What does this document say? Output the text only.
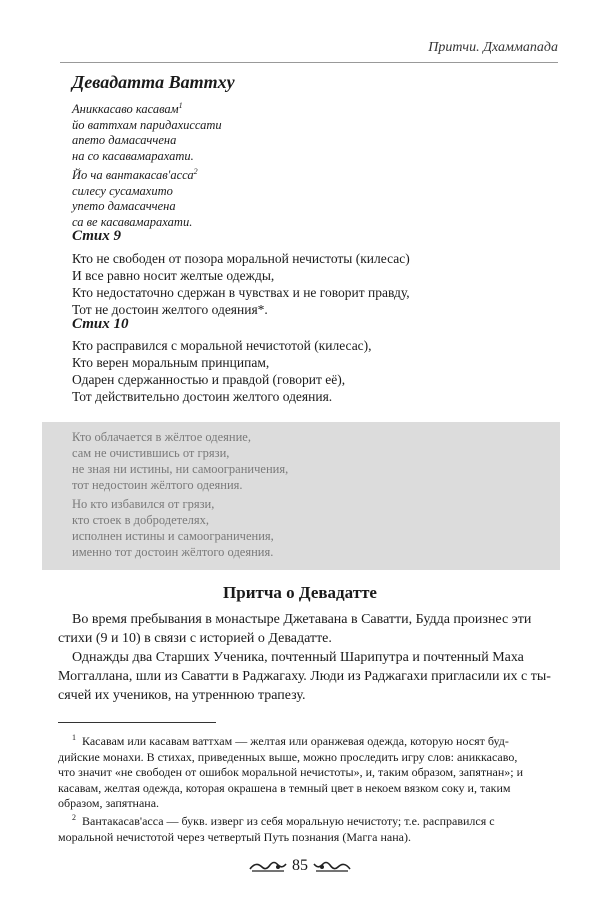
Притчи. Дхаммапада
Девадатта Ваттху
Аниккасаво касавам$^1$
йо ваттхам паридахиссати
апето дамасаччена
на со касавамарахати.
Йо ча вантакасав'асса$^2$
силесу сусамахито
упето дамасаччена
са ве касавамарахати.
Стих 9
Кто не свободен от позора моральной нечистоты (килесас)
И все равно носит желтые одежды,
Кто недостаточно сдержан в чувствах и не говорит правду,
Тот не достоин желтого одеяния*.
Стих 10
Кто расправился с моральной нечистотой (килесас),
Кто верен моральным принципам,
Одарен сдержанностью и правдой (говорит её),
Тот действительно достоин желтого одеяния.
Кто облачается в жёлтое одеяние,
сам не очистившись от грязи,
не зная ни истины, ни самоограничения,
тот недостоин жёлтого одеяния.
Но кто избавился от грязи,
кто стоек в добродетелях,
исполнен истины и самоограничения,
именно тот достоин жёлтого одеяния.
Притча о Девадатте
Во время пребывания в монастыре Джетавана в Саватти, Будда произнес эти
стихи (9 и 10) в связи с историей о Девадатте.
Однажды два Старших Ученика, почтенный Шарипутра и почтенный Маха
Моггаллана, шли из Саватти в Раджагаху. Люди из Раджагахи пригласили их с ты-
сячей их учеников, на утреннюю трапезу.
$^1$ Касавам или касавам ваттхам — желтая или оранжевая одежда, которую носят буд-
дийские монахи. В стихах, приведенных выше, можно проследить игру слов: аниккасаво,
что значит «не свободен от ошибок моральной нечистоты», и, таким образом, запятнан»; и
касавам, желтая одежда, которая окрашена в темный цвет в некоем вязком соку и, таким
образом, запятнана.
$^2$ Вантакасав'асса — букв. изверг из себя моральную нечистоту; т.е. расправился с
моральной нечистотой через четвертый Путь познания (Магга нана).
85
